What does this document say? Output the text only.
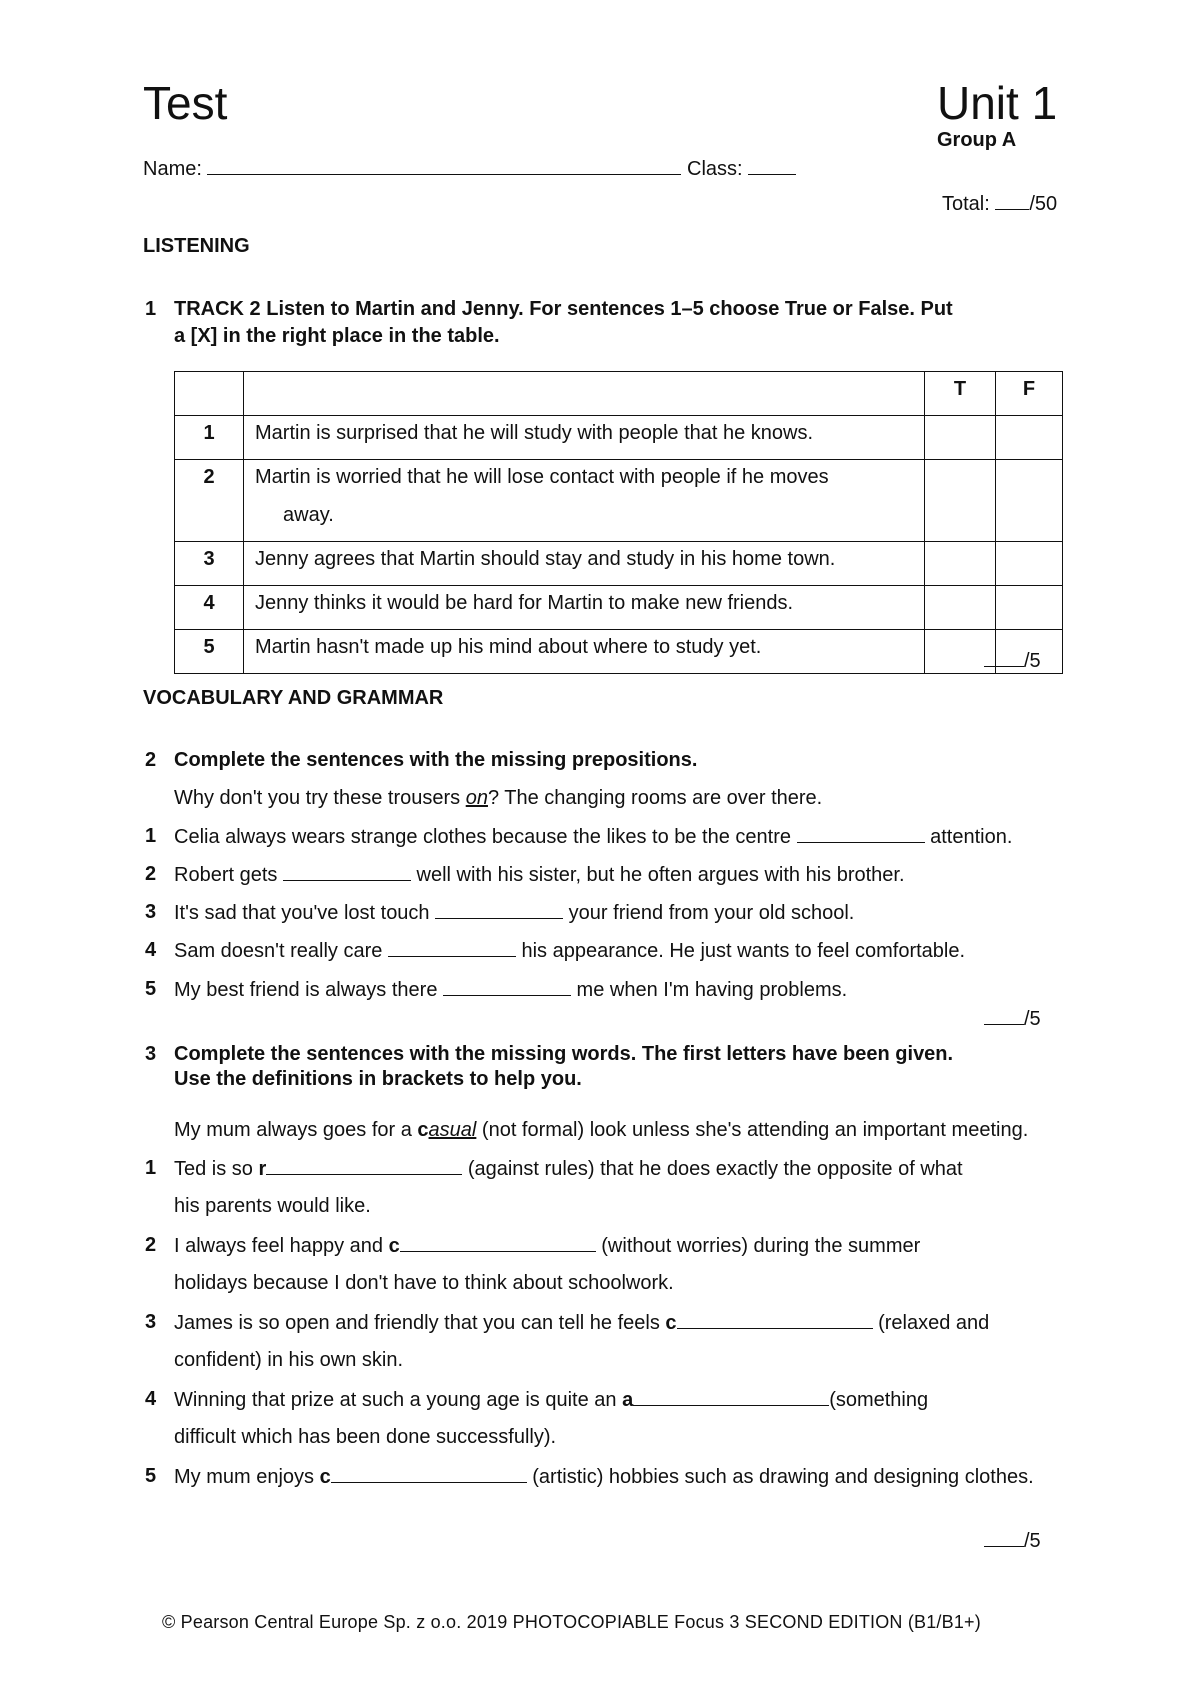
Test	Unit 1
Group A
Name:	Class:
Total: /50
LISTENING
1 TRACK 2 Listen to Martin and Jenny. For sentences 1–5 choose True or False. Put
a [X] in the right place in the table.
		T	F
1	Martin is surprised that he will study with people that he knows.		
2	Martin is worried that he will lose contact with people if he moves
away.		

3	Jenny agrees that Martin should stay and study in his home town.		
4	Jenny thinks it would be hard for Martin to make new friends.		
5	Martin hasn't made up his mind about where to study yet.		
/5
VOCABULARY AND GRAMMAR
2 Complete the sentences with the missing prepositions.
Why don't you try these trousers on? The changing rooms are over there.
1 Celia always wears strange clothes because the likes to be the centre	attention.
2 Robert gets	well with his sister, but he often argues with his brother.
3 It's sad that you've lost touch	your friend from your old school.
4 Sam doesn't really care	his appearance. He just wants to feel comfortable.
5 My best friend is always there	me when I'm having problems.
/5
3 Complete the sentences with the missing words. The first letters have been given.
Use the definitions in brackets to help you.
My mum always goes for a casual (not formal) look unless she's attending an important meeting.
1 Ted is so r	(against rules) that he does exactly the opposite of what
his parents would like.
2 I always feel happy and c	(without worries) during the summer
holidays because I don't have to think about schoolwork.
3 James is so open and friendly that you can tell he feels c	(relaxed and
confident) in his own skin.
4 Winning that prize at such a young age is quite an a	(something
difficult which has been done successfully).
5 My mum enjoys c	(artistic) hobbies such as drawing and designing clothes.
/5
© Pearson Central Europe Sp. z o.o. 2019 PHOTOCOPIABLE Focus 3 SECOND EDITION (B1/B1+)
